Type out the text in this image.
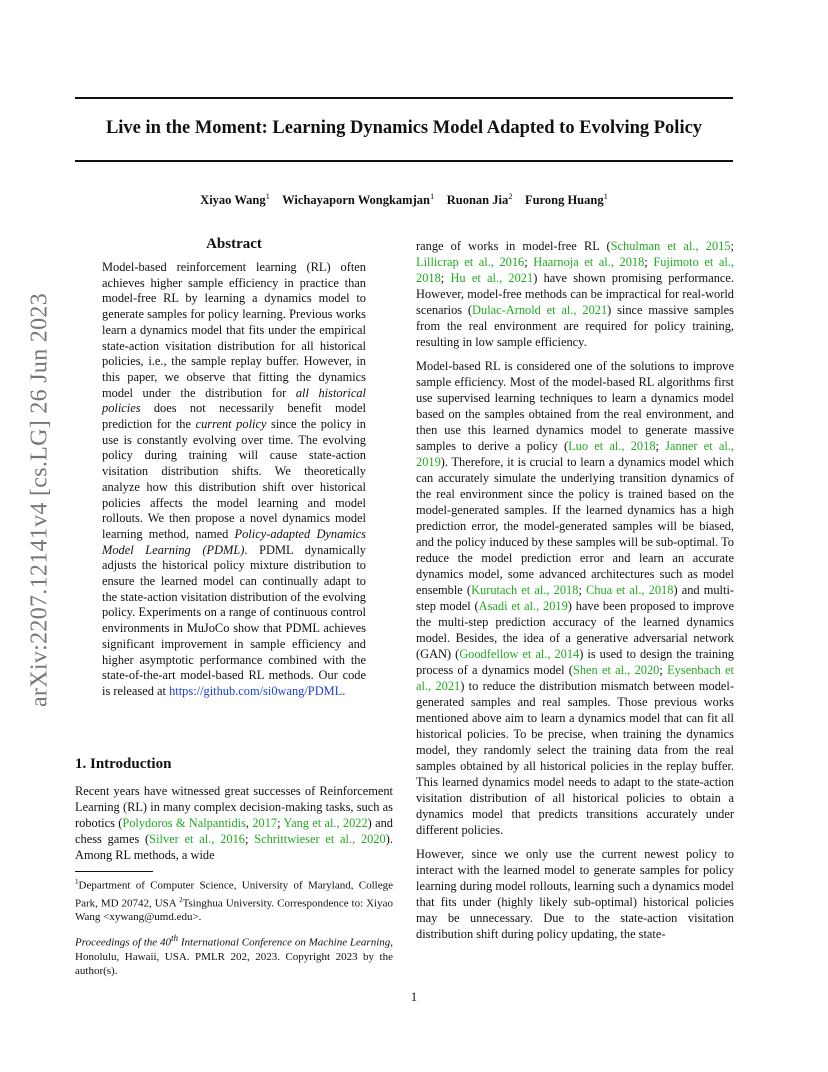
Live in the Moment: Learning Dynamics Model Adapted to Evolving Policy
Xiyao Wang$^1$ Wichayaporn Wongkamjan$^1$ Ruonan Jia$^2$ Furong Huang$^1$
arXiv:2207.12141v4 [cs.LG] 26 Jun 2023
Abstract
Model-based reinforcement learning (RL) often achieves higher sample efficiency in practice than model-free RL by learning a dynamics model to generate samples for policy learning. Previous works learn a dynamics model that fits under the empirical state-action visitation distribution for all historical policies, i.e., the sample replay buffer. However, in this paper, we observe that fitting the dynamics model under the distribution for all historical policies does not necessarily benefit model prediction for the current policy since the policy in use is constantly evolving over time. The evolving policy during training will cause state-action visitation distribution shifts. We theoretically analyze how this distribution shift over historical policies affects the model learning and model rollouts. We then propose a novel dynamics model learning method, named Policy-adapted Dynamics Model Learning (PDML). PDML dynamically adjusts the historical policy mixture distribution to ensure the learned model can continually adapt to the state-action visitation distribution of the evolving policy. Experiments on a range of continuous control environments in MuJoCo show that PDML achieves significant improvement in sample efficiency and higher asymptotic performance combined with the state-of-the-art model-based RL methods. Our code is released at https://github.com/si0wang/PDML.
1. Introduction
Recent years have witnessed great successes of Reinforcement Learning (RL) in many complex decision-making tasks, such as robotics (Polydoros & Nalpantidis, 2017; Yang et al., 2022) and chess games (Silver et al., 2016; Schrittwieser et al., 2020). Among RL methods, a wide
$^1$Department of Computer Science, University of Maryland, College Park, MD 20742, USA $^2$Tsinghua University. Correspondence to: Xiyao Wang <xywang@umd.edu>.
Proceedings of the 40th International Conference on Machine Learning, Honolulu, Hawaii, USA. PMLR 202, 2023. Copyright 2023 by the author(s).

range of works in model-free RL (Schulman et al., 2015; Lillicrap et al., 2016; Haarnoja et al., 2018; Fujimoto et al., 2018; Hu et al., 2021) have shown promising performance. However, model-free methods can be impractical for real-world scenarios (Dulac-Arnold et al., 2021) since massive samples from the real environment are required for policy training, resulting in low sample efficiency.

Model-based RL is considered one of the solutions to improve sample efficiency. Most of the model-based RL algorithms first use supervised learning techniques to learn a dynamics model based on the samples obtained from the real environment, and then use this learned dynamics model to generate massive samples to derive a policy (Luo et al., 2018; Janner et al., 2019). Therefore, it is crucial to learn a dynamics model which can accurately simulate the underlying transition dynamics of the real environment since the policy is trained based on the model-generated samples. If the learned dynamics has a high prediction error, the model-generated samples will be biased, and the policy induced by these samples will be sub-optimal. To reduce the model prediction error and learn an accurate dynamics model, some advanced architectures such as model ensemble (Kurutach et al., 2018; Chua et al., 2018) and multi-step model (Asadi et al., 2019) have been proposed to improve the multi-step prediction accuracy of the learned dynamics model. Besides, the idea of a generative adversarial network (GAN) (Goodfellow et al., 2014) is used to design the training process of a dynamics model (Shen et al., 2020; Eysenbach et al., 2021) to reduce the distribution mismatch between model-generated samples and real samples. Those previous works mentioned above aim to learn a dynamics model that can fit all historical policies. To be precise, when training the dynamics model, they randomly select the training data from the real samples obtained by all historical policies in the replay buffer. This learned dynamics model needs to adapt to the state-action visitation distribution of all historical policies to obtain a dynamics model that predicts transitions accurately under different policies.

However, since we only use the current newest policy to interact with the learned model to generate samples for policy learning during model rollouts, learning such a dynamics model that fits under (highly likely sub-optimal) historical policies may be unnecessary. Due to the state-action visitation distribution shift during policy updating, the state-

1
